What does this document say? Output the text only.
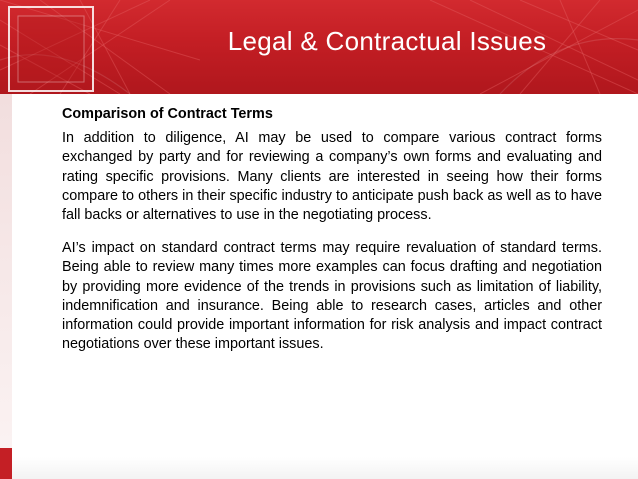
Legal & Contractual Issues
Comparison of Contract Terms

In addition to diligence, AI may be used to compare various contract forms exchanged by party and for reviewing a company’s own forms and evaluating and rating specific provisions. Many clients are interested in seeing how their forms compare to others in their specific industry to anticipate push back as well as to have fall backs or alternatives to use in the negotiating process.

AI’s impact on standard contract terms may require revaluation of standard terms. Being able to review many times more examples can focus drafting and negotiation by providing more evidence of the trends in provisions such as limitation of liability, indemnification and insurance. Being able to research cases, articles and other information could provide important information for risk analysis and impact contract negotiations over these important issues.
